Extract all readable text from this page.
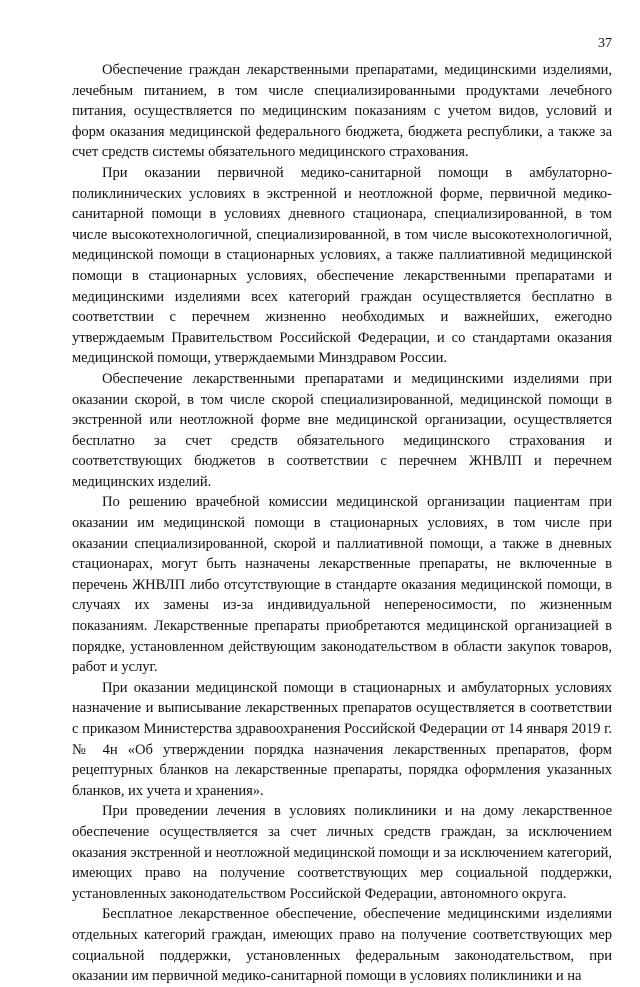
37

Обеспечение граждан лекарственными препаратами, медицинскими изделиями, лечебным питанием, в том числе специализированными продуктами лечебного питания, осуществляется по медицинским показаниям с учетом видов, условий и форм оказания медицинской федерального бюджета, бюджета республики, а также за счет средств системы обязательного медицинского страхования.

При оказании первичной медико-санитарной помощи в амбулаторно-поликлинических условиях в экстренной и неотложной форме, первичной медико-санитарной помощи в условиях дневного стационара, специализированной, в том числе высокотехнологичной, специализированной, в том числе высокотехнологичной, медицинской помощи в стационарных условиях, а также паллиативной медицинской помощи в стационарных условиях, обеспечение лекарственными препаратами и медицинскими изделиями всех категорий граждан осуществляется бесплатно в соответствии с перечнем жизненно необходимых и важнейших, ежегодно утверждаемым Правительством Российской Федерации, и со стандартами оказания медицинской помощи, утверждаемыми Минздравом России.

Обеспечение лекарственными препаратами и медицинскими изделиями при оказании скорой, в том числе скорой специализированной, медицинской помощи в экстренной или неотложной форме вне медицинской организации, осуществляется бесплатно за счет средств обязательного медицинского страхования и соответствующих бюджетов в соответствии с перечнем ЖНВЛП и перечнем медицинских изделий.

По решению врачебной комиссии медицинской организации пациентам при оказании им медицинской помощи в стационарных условиях, в том числе при оказании специализированной, скорой и паллиативной помощи, а также в дневных стационарах, могут быть назначены лекарственные препараты, не включенные в перечень ЖНВЛП либо отсутствующие в стандарте оказания медицинской помощи, в случаях их замены из-за индивидуальной непереносимости, по жизненным показаниям. Лекарственные препараты приобретаются медицинской организацией в порядке, установленном действующим законодательством в области закупок товаров, работ и услуг.

При оказании медицинской помощи в стационарных и амбулаторных условиях назначение и выписывание лекарственных препаратов осуществляется в соответствии с приказом Министерства здравоохранения Российской Федерации от 14 января 2019 г. № 4н «Об утверждении порядка назначения лекарственных препаратов, форм рецептурных бланков на лекарственные препараты, порядка оформления указанных бланков, их учета и хранения».

При проведении лечения в условиях поликлиники и на дому лекарственное обеспечение осуществляется за счет личных средств граждан, за исключением оказания экстренной и неотложной медицинской помощи и за исключением категорий, имеющих право на получение соответствующих мер социальной поддержки, установленных законодательством Российской Федерации, автономного округа.

Бесплатное лекарственное обеспечение, обеспечение медицинскими изделиями отдельных категорий граждан, имеющих право на получение соответствующих мер социальной поддержки, установленных федеральным законодательством, при оказании им первичной медико-санитарной помощи в условиях поликлиники и на
